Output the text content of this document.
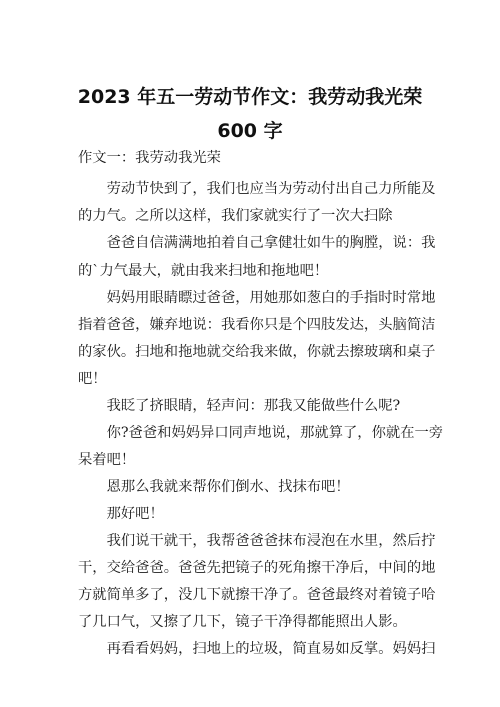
2023 年五一劳动节作文：我劳动我光荣
600 字
作文一：我劳动我光荣
　　劳动节快到了，我们也应当为劳动付出自己力所能及
的力气。之所以这样，我们家就实行了一次大扫除
　　爸爸自信满满地拍着自己拿健壮如牛的胸膛，说：我
的`力气最大，就由我来扫地和拖地吧！
　　妈妈用眼睛瞟过爸爸，用她那如葱白的手指时时常地
指着爸爸，嫌弃地说：我看你只是个四肢发达，头脑简洁
的家伙。扫地和拖地就交给我来做，你就去擦玻璃和桌子
吧！
　　我眨了挤眼睛，轻声问：那我又能做些什么呢?
　　你?爸爸和妈妈异口同声地说，那就算了，你就在一旁
呆着吧！
　　恩那么我就来帮你们倒水、找抹布吧！
　　那好吧！
　　我们说干就干，我帮爸爸爸抹布浸泡在水里，然后拧
干，交给爸爸。爸爸先把镜子的死角擦干净后，中间的地
方就简单多了，没几下就擦干净了。爸爸最终对着镜子哈
了几口气，又擦了几下，镜子干净得都能照出人影。
　　再看看妈妈，扫地上的垃圾，简直易如反掌。妈妈扫
